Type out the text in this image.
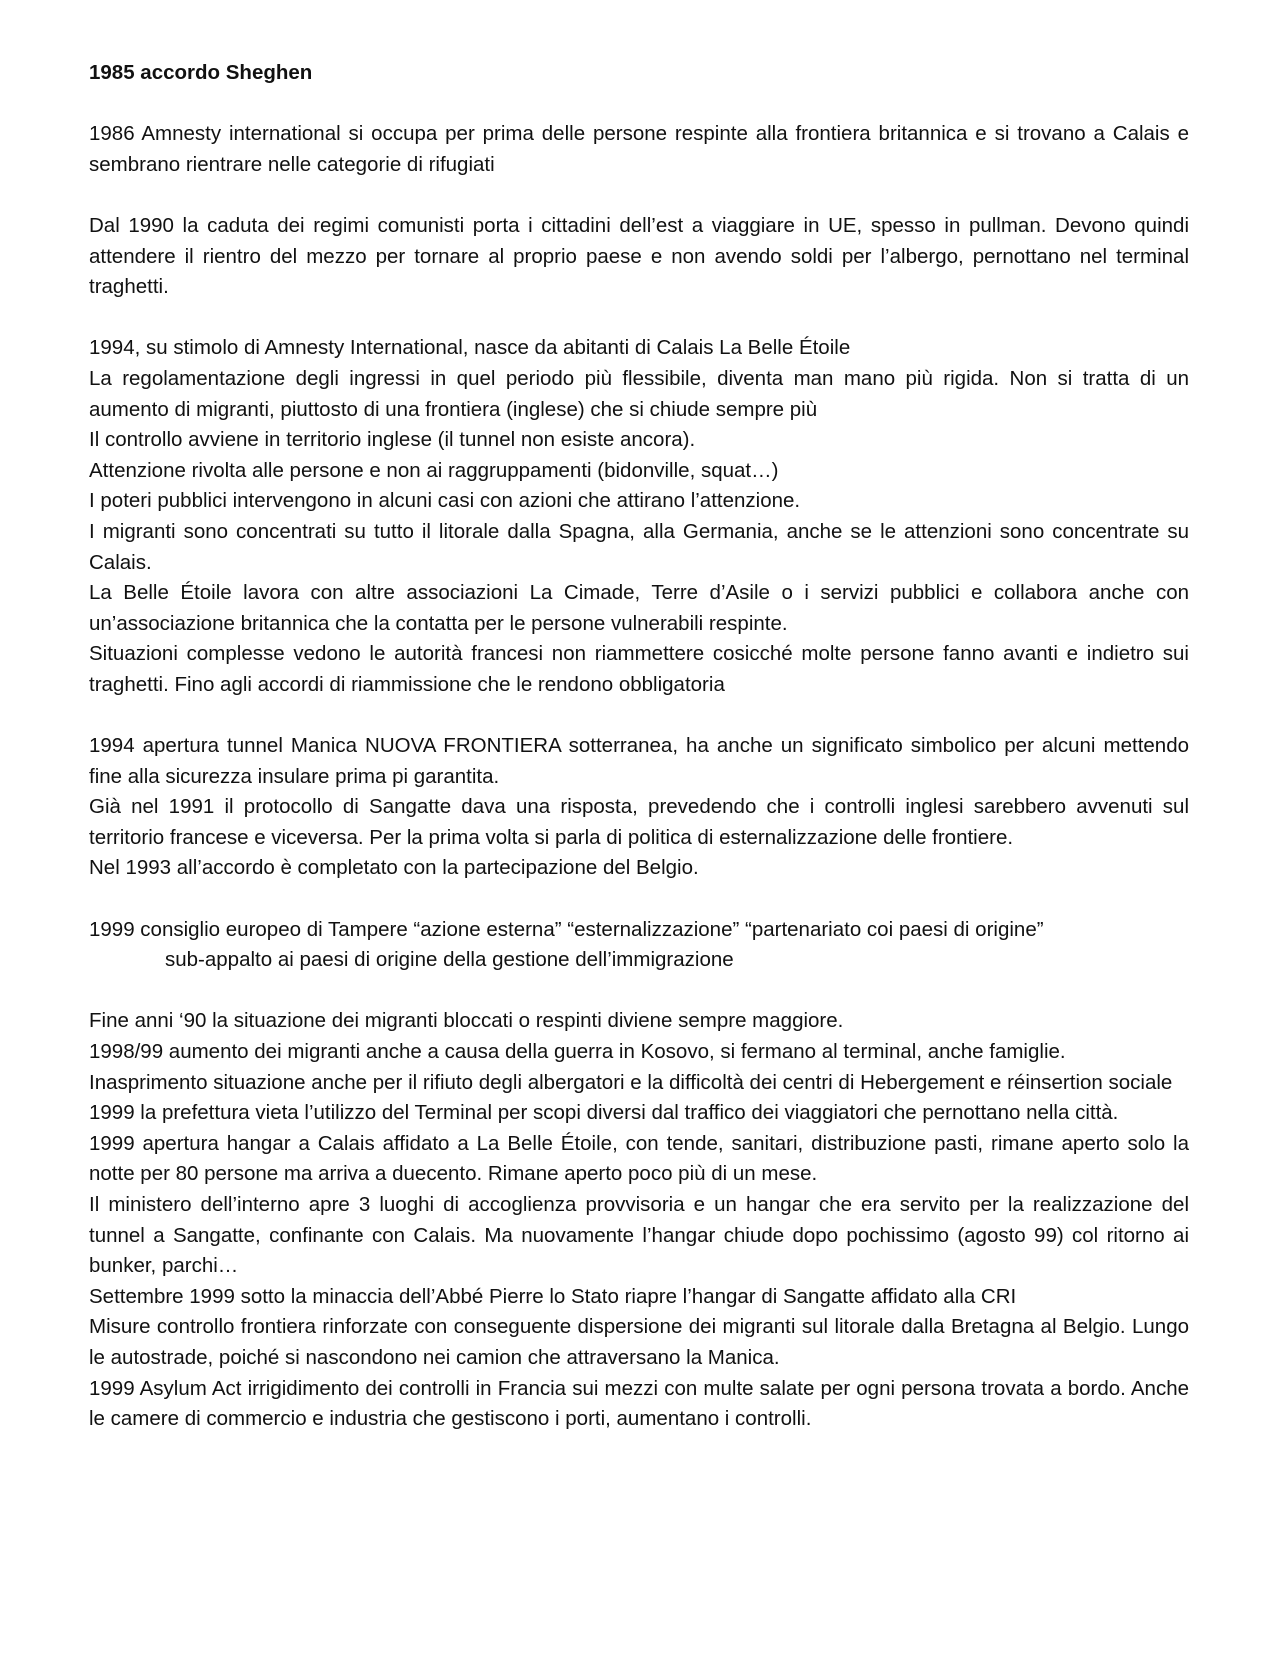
1985 accordo Sheghen

1986 Amnesty international si occupa per prima delle persone respinte alla frontiera britannica e si trovano a Calais e sembrano rientrare nelle categorie di rifugiati

Dal 1990 la caduta dei regimi comunisti porta i cittadini dell’est a viaggiare in UE, spesso in pullman. Devono quindi attendere il rientro del mezzo per tornare al proprio paese e non avendo soldi per l’albergo, pernottano nel terminal traghetti.

1994, su stimolo di Amnesty International, nasce da abitanti di Calais La Belle Étoile

La regolamentazione degli ingressi in quel periodo più flessibile, diventa man mano più rigida. Non si tratta di un aumento di migranti, piuttosto di una frontiera (inglese) che si chiude sempre più

Il controllo avviene in territorio inglese (il tunnel non esiste ancora).

Attenzione rivolta alle persone e non ai raggruppamenti (bidonville, squat…)

I poteri pubblici intervengono in alcuni casi con azioni che attirano l’attenzione.

I migranti sono concentrati su tutto il litorale dalla Spagna, alla Germania, anche se le attenzioni sono concentrate su Calais.

La Belle Étoile lavora con altre associazioni La Cimade, Terre d’Asile o i servizi pubblici e collabora anche con un’associazione britannica che la contatta per le persone vulnerabili respinte.

Situazioni complesse vedono le autorità francesi non riammettere cosicché molte persone fanno avanti e indietro sui traghetti. Fino agli accordi di riammissione che le rendono obbligatoria

1994 apertura tunnel Manica NUOVA FRONTIERA sotterranea, ha anche un significato simbolico per alcuni mettendo fine alla sicurezza insulare prima pi garantita.

Già nel 1991 il protocollo di Sangatte dava una risposta, prevedendo che i controlli inglesi sarebbero avvenuti sul territorio francese e viceversa. Per la prima volta si parla di politica di esternalizzazione delle frontiere.

Nel 1993 all’accordo è completato con la partecipazione del Belgio.

1999 consiglio europeo di Tampere “azione esterna” “esternalizzazione” “partenariato coi paesi di origine”

sub-appalto ai paesi di origine della gestione dell’immigrazione

Fine anni ‘90 la situazione dei migranti bloccati o respinti diviene sempre maggiore.

1998/99 aumento dei migranti anche a causa della guerra in Kosovo, si fermano al terminal, anche famiglie.

Inasprimento situazione anche per il rifiuto degli albergatori e la difficoltà dei centri di Hebergement e réinsertion sociale

1999 la prefettura vieta l’utilizzo del Terminal per scopi diversi dal traffico dei viaggiatori che pernottano nella città.

1999 apertura hangar a Calais affidato a La Belle Étoile, con tende, sanitari, distribuzione pasti, rimane aperto solo la notte per 80 persone ma arriva a duecento. Rimane aperto poco più di un mese.

Il ministero dell’interno apre 3 luoghi di accoglienza provvisoria e un hangar che era servito per la realizzazione del tunnel a Sangatte, confinante con Calais. Ma nuovamente l’hangar chiude dopo pochissimo (agosto 99) col ritorno ai bunker, parchi…

Settembre 1999 sotto la minaccia dell’Abbé Pierre lo Stato riapre l’hangar di Sangatte affidato alla CRI

Misure controllo frontiera rinforzate con conseguente dispersione dei migranti sul litorale dalla Bretagna al Belgio. Lungo le autostrade, poiché si nascondono nei camion che attraversano la Manica.

1999 Asylum Act irrigidimento dei controlli in Francia sui mezzi con multe salate per ogni persona trovata a bordo. Anche le camere di commercio e industria che gestiscono i porti, aumentano i controlli.
